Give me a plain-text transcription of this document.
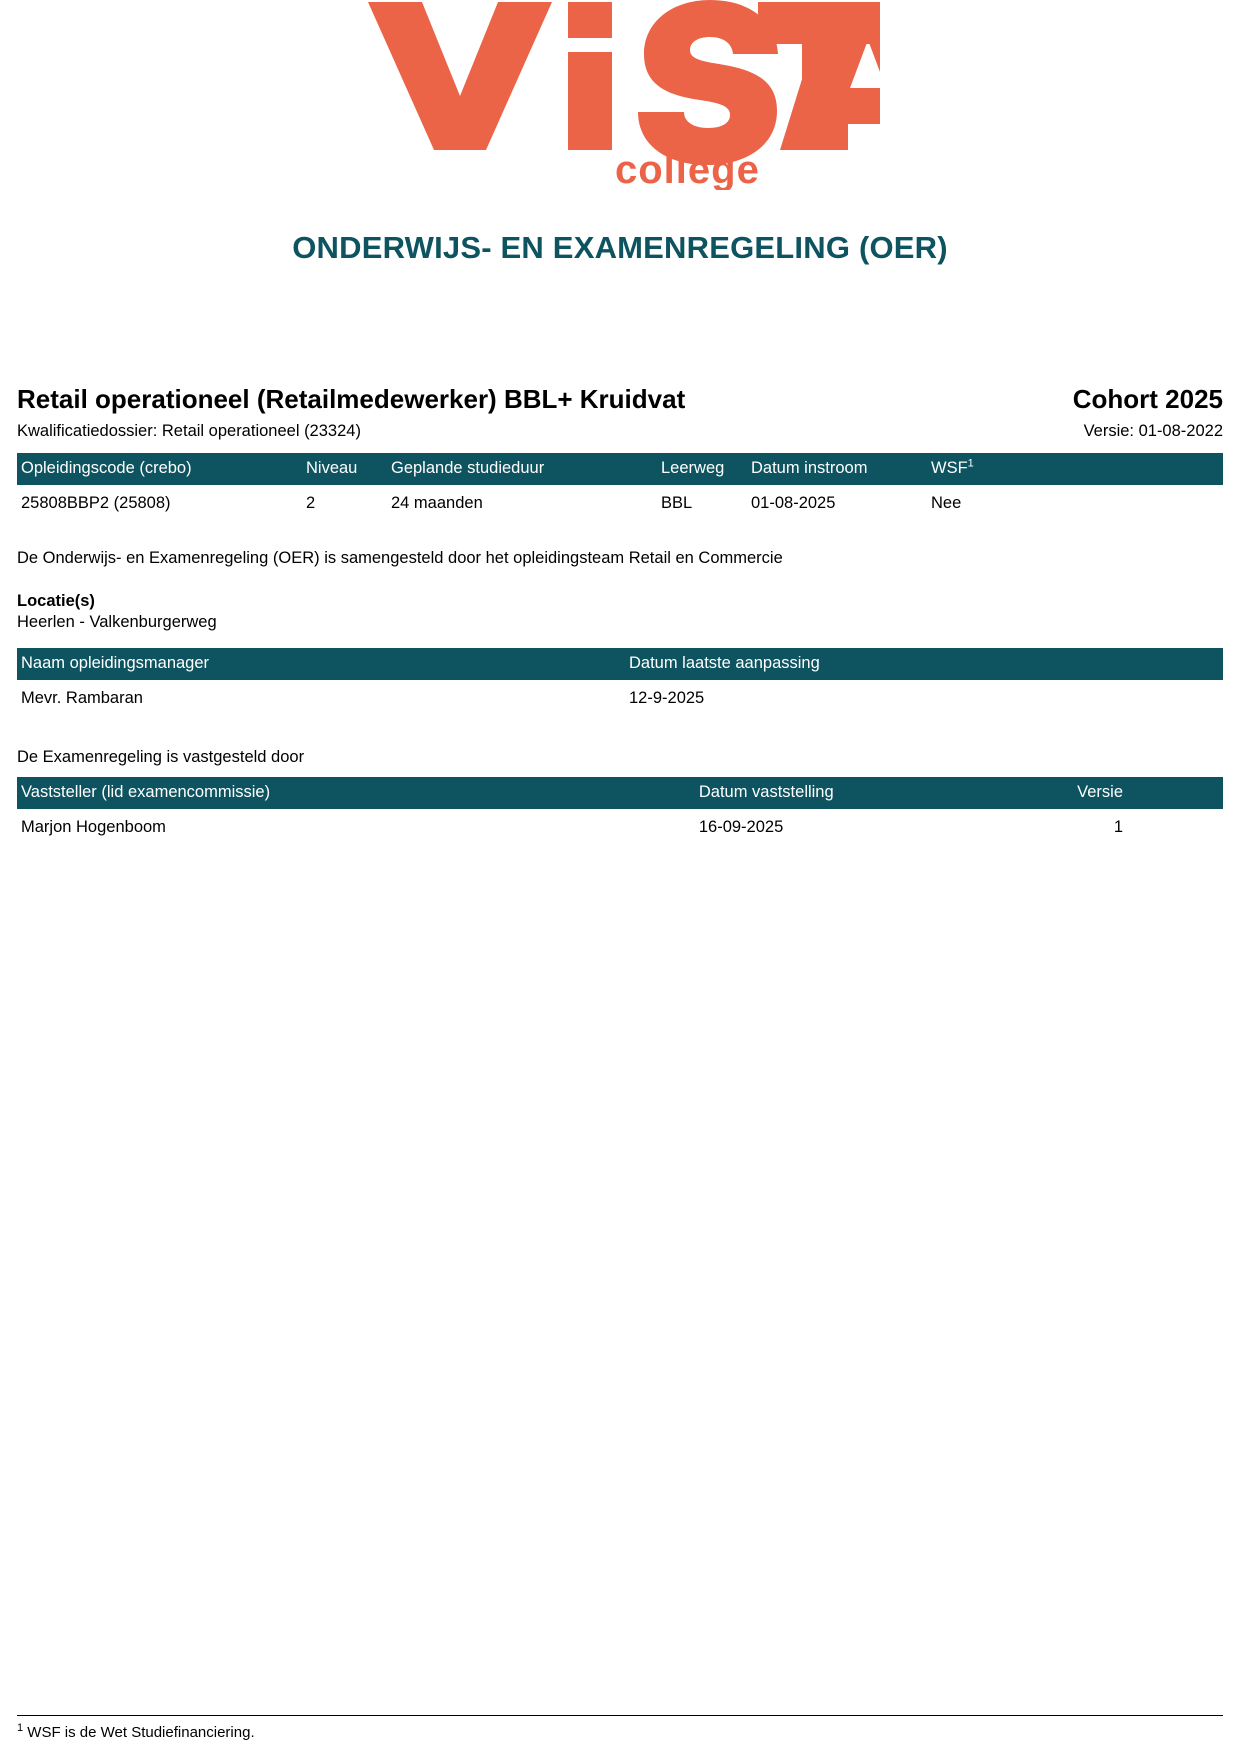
college
ONDERWIJS- EN EXAMENREGELING (OER)
Retail operationeel (Retailmedewerker) BBL+ Kruidvat	Cohort 2025
Kwalificatiedossier: Retail operationeel (23324)	Versie: 01-08-2022
Opleidingscode (crebo)	Niveau	Geplande studieduur	Leerweg	Datum instroom	WSF$^1$
25808BBP2 (25808)	2	24 maanden	BBL	01-08-2025	Nee
De Onderwijs- en Examenregeling (OER) is samengesteld door het opleidingsteam Retail en Commercie
Locatie(s)
Heerlen - Valkenburgerweg
Naam opleidingsmanager	Datum laatste aanpassing
Mevr. Rambaran	12-9-2025
De Examenregeling is vastgesteld door
Vaststeller (lid examencommissie)	Datum vaststelling	Versie
Marjon Hogenboom	16-09-2025	1
$^1$ WSF is de Wet Studiefinanciering.
